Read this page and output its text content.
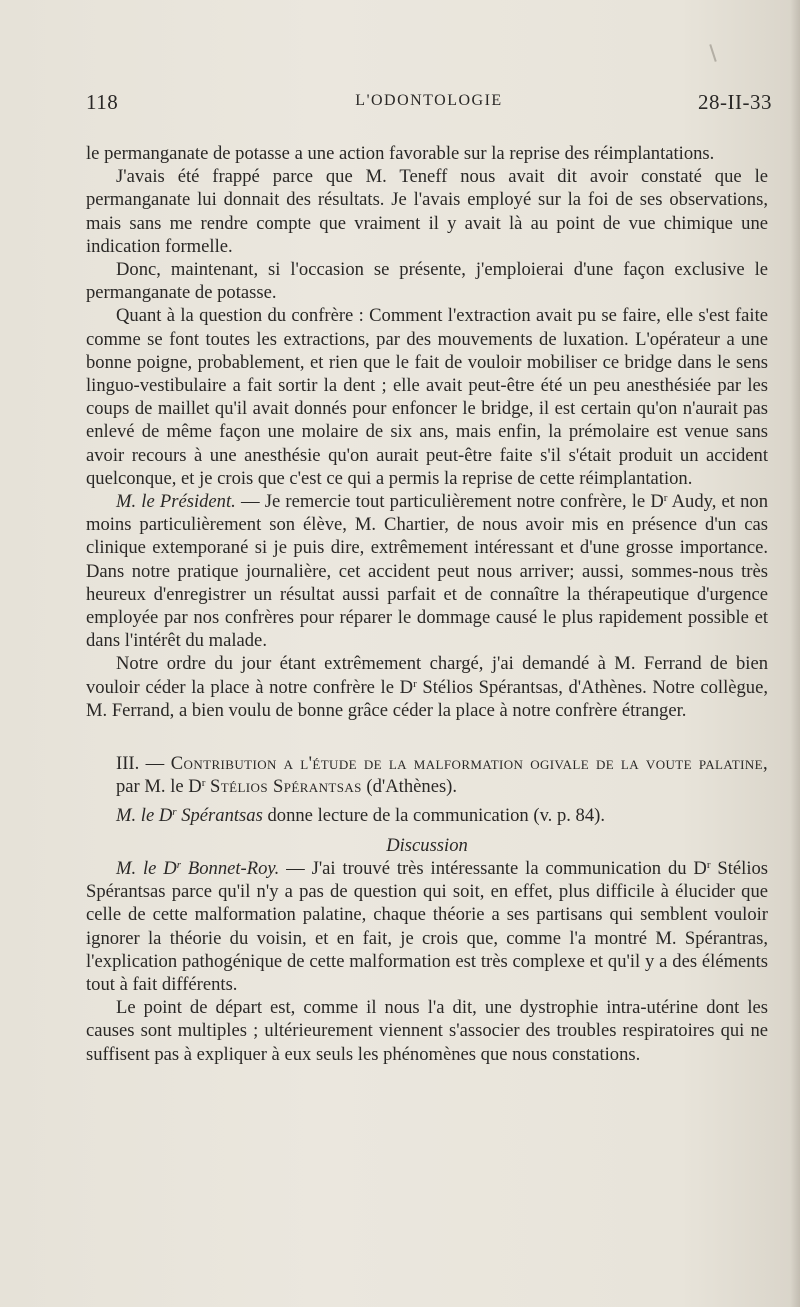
118	L'ODONTOLOGIE	28-II-33

le permanganate de potasse a une action favorable sur la reprise des réimplantations.

J'avais été frappé parce que M. Teneff nous avait dit avoir constaté que le permanganate lui donnait des résultats. Je l'avais employé sur la foi de ses observations, mais sans me rendre compte que vraiment il y avait là au point de vue chimique une indication formelle.

Donc, maintenant, si l'occasion se présente, j'emploierai d'une façon exclusive le permanganate de potasse.

Quant à la question du confrère : Comment l'extraction avait pu se faire, elle s'est faite comme se font toutes les extractions, par des mouvements de luxation. L'opérateur a une bonne poigne, probablement, et rien que le fait de vouloir mobiliser ce bridge dans le sens linguo-vestibulaire a fait sortir la dent ; elle avait peut-être été un peu anesthésiée par les coups de maillet qu'il avait donnés pour enfoncer le bridge, il est certain qu'on n'aurait pas enlevé de même façon une molaire de six ans, mais enfin, la prémolaire est venue sans avoir recours à une anesthésie qu'on aurait peut-être faite s'il s'était produit un accident quelconque, et je crois que c'est ce qui a permis la reprise de cette réimplantation.

M. le Président. — Je remercie tout particulièrement notre confrère, le $D^r$ Audy, et non moins particulièrement son élève, M. Chartier, de nous avoir mis en présence d'un cas clinique extemporané si je puis dire, extrêmement intéressant et d'une grosse importance. Dans notre pratique journalière, cet accident peut nous arriver; aussi, sommes-nous très heureux d'enregistrer un résultat aussi parfait et de connaître la thérapeutique d'urgence employée par nos confrères pour réparer le dommage causé le plus rapidement possible et dans l'intérêt du malade.

Notre ordre du jour étant extrêmement chargé, j'ai demandé à M. Ferrand de bien vouloir céder la place à notre confrère le $D^r$ Stélios Spérantsas, d'Athènes. Notre collègue, M. Ferrand, a bien voulu de bonne grâce céder la place à notre confrère étranger.

III. — Contribution a l'étude de la malformation ogivale de la voute palatine, par M. le $D^r$ Stélios Spérantsas (d'Athènes).

M. le $D^r$ Spérantsas donne lecture de la communication (v. p. 84).

Discussion

M. le $D^r$ Bonnet-Roy. — J'ai trouvé très intéressante la communication du $D^r$ Stélios Spérantsas parce qu'il n'y a pas de question qui soit, en effet, plus difficile à élucider que celle de cette malformation palatine, chaque théorie a ses partisans qui semblent vouloir ignorer la théorie du voisin, et en fait, je crois que, comme l'a montré M. Spérantras, l'explication pathogénique de cette malformation est très complexe et qu'il y a des éléments tout à fait différents.

Le point de départ est, comme il nous l'a dit, une dystrophie intra-utérine dont les causes sont multiples ; ultérieurement viennent s'associer des troubles respiratoires qui ne suffisent pas à expliquer à eux seuls les phénomènes que nous constations.
